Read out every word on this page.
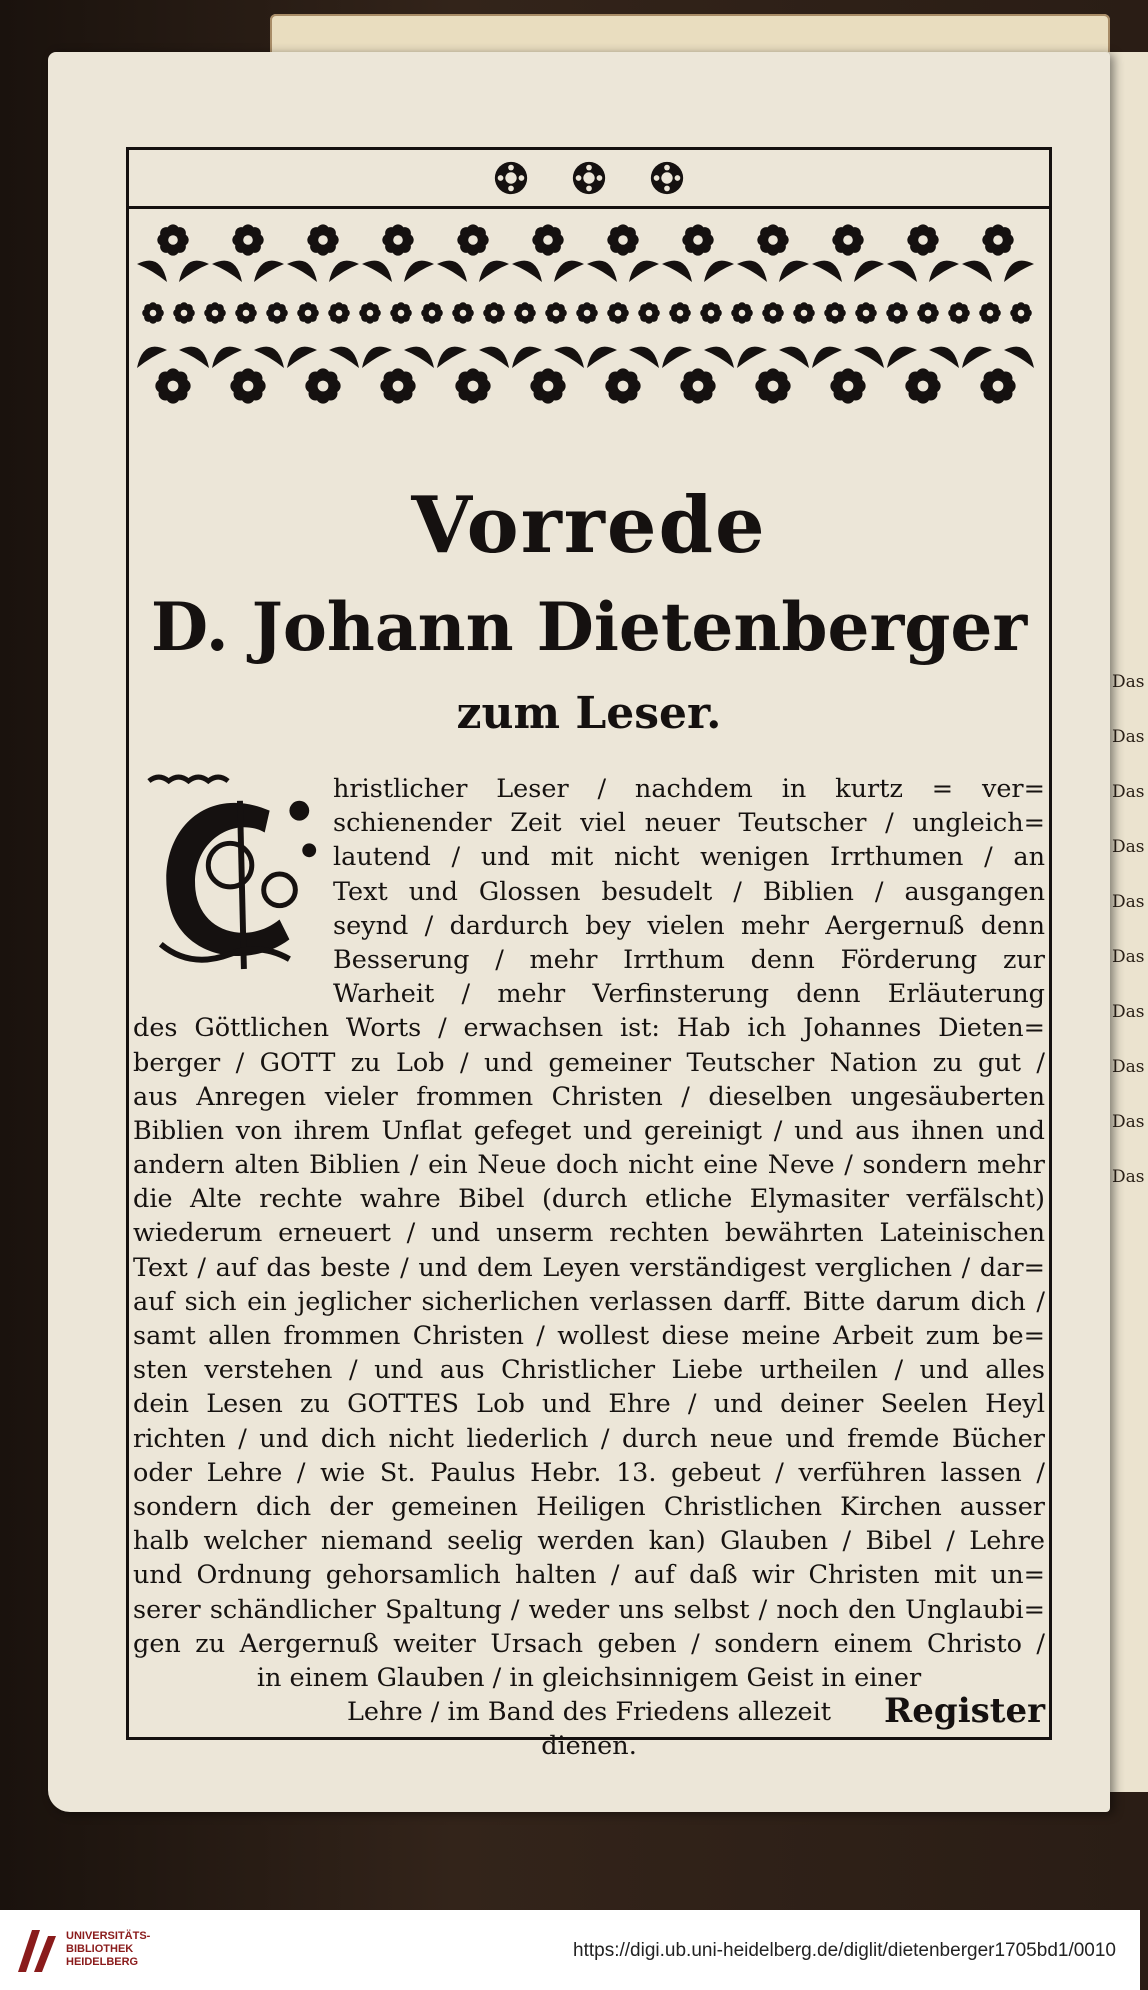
Das
Das
Das
Das
Das
Das
Das
Das
Das
Das
Vorrede
D. Johann Dietenberger
zum Leser.
hristlicher Leser / nachdem in kurtz = ver=
schienender Zeit viel neuer Teutscher / ungleich=
lautend / und mit nicht wenigen Irrthumen / an
Text und Glossen besudelt / Biblien / ausgangen
seynd / dardurch bey vielen mehr Aergernuß denn
Besserung / mehr Irrthum denn Förderung zur
Warheit / mehr Verfinsterung denn Erläuterung
des Göttlichen Worts / erwachsen ist: Hab ich Johannes Dieten=
berger / GOTT zu Lob / und gemeiner Teutscher Nation zu gut /
aus Anregen vieler frommen Christen / dieselben ungesäuberten
Biblien von ihrem Unflat gefeget und gereinigt / und aus ihnen und
andern alten Biblien / ein Neue doch nicht eine Neve / sondern mehr
die Alte rechte wahre Bibel (durch etliche Elymasiter verfälscht)
wiederum erneuert / und unserm rechten bewährten Lateinischen
Text / auf das beste / und dem Leyen verständigest verglichen / dar=
auf sich ein jeglicher sicherlichen verlassen darff. Bitte darum dich /
samt allen frommen Christen / wollest diese meine Arbeit zum be=
sten verstehen / und aus Christlicher Liebe urtheilen / und alles
dein Lesen zu GOTTES Lob und Ehre / und deiner Seelen Heyl
richten / und dich nicht liederlich / durch neue und fremde Bücher
oder Lehre / wie St. Paulus Hebr. 13. gebeut / verführen lassen /
sondern dich der gemeinen Heiligen Christlichen Kirchen ausser
halb welcher niemand seelig werden kan) Glauben / Bibel / Lehre
und Ordnung gehorsamlich halten / auf daß wir Christen mit un=
serer schändlicher Spaltung / weder uns selbst / noch den Unglaubi=
gen zu Aergernuß weiter Ursach geben / sondern einem Christo /
in einem Glauben / in gleichsinnigem Geist in einer
Lehre / im Band des Friedens allezeit
dienen.
Register
UNIVERSITÄTS-
BIBLIOTHEK
HEIDELBERG
https://digi.ub.uni-heidelberg.de/diglit/dietenberger1705bd1/0010
